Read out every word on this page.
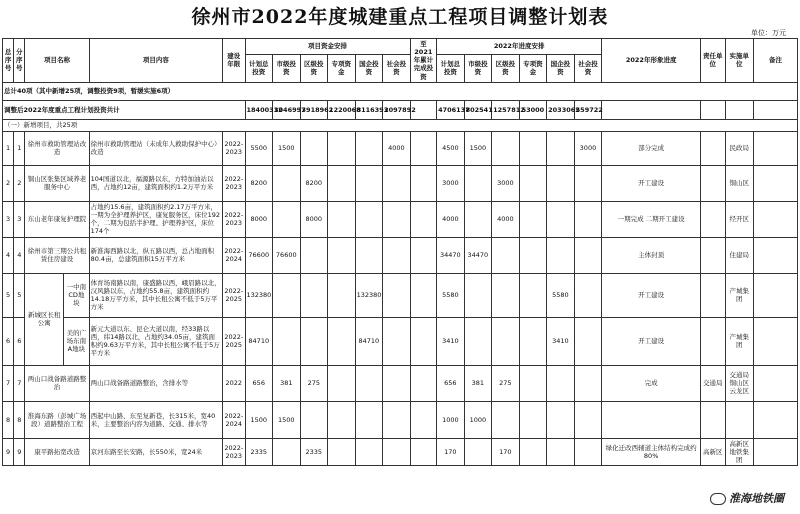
徐州市2022年度城建重点工程项目调整计划表
单位：万元
总序号	分序号	项目名称		项目内容	建设年限	项目资金安排						至2021年累计完成投资	2022年进度安排						2022年形象进度	责任单位	实施单位	备注
						计划总投资	市级投资	区级投资	专项资金	国企投资	社会投资		计划总投资	市级投资	区级投资	专项资金	国企投资	社会投资				
总计40项（其中新增25项，调整投资9项，暂缓实施6项）																						
调整后2022年度重点工程计划投资共计						18400312	3046997	3918962	1220068	8116393	2097892		4706137	802541	1257812	53000	2033062	559722				
（一）新增项目，共25项																						
1	1	徐州市救助管理站改造		徐州市救助管理站（未成年人救助保护中心）改造	2022-2023	5500	1500				4000		4500	1500				3000	部分完成		民政局	
2	2	铜山区张集区域养老服务中心		104国道以北，福源路以东，方特加油站以西，占地约12亩，建筑面积约1.2万平方米	2022-2023	8200		8200					3000		3000				开工建设		铜山区	
3	3	东山老年康复护理院		占地约15.6亩，建筑面积约2.17万平方米，一期为全护理养护区，康复服务区，床位192个，二期为包括半护理、护理养护区，床位174个	2022-2023	8000		8000					4000		4000				一期完成 二期开工建设		经开区	
4	4	徐州市第三期公共租赁住房建设		新淮海西路以北，纵五路以西，总占地面积80.4亩，总建筑面积15万平方米	2022-2024	76600	76600						34470	34470					主体封顶		住建局	
5	5	新城区长租公寓	一中南CD地块	体育场南路以南，康盛路以西，峨眉路以北，汉风路以东，占地约55.8亩，建筑面积约14.18万平方米，其中长租公寓不低于5万平方米	2022-2025	132380				132380			5580				5580		开工建设		产城集团	
6	6		美的广场东南A地块	新元大道以东、昆仑大道以南，经33路以西，纬14路以北，占地约34.05亩，建筑面积约9.63万平方米，其中长租公寓不低于5万平方米	2022-2025	84710				84710			3410				3410		开工建设		产城集团	
7	7	两山口战备路道路整治		两山口战备路道路整治，含排水等	2022	656	381	275					656	381	275				完成	交通局	交通局 铜山区 云龙区	
8	8	淮海东路（彭城广场段）道路整治工程		西起中山路、东至复新巷，长315米，宽40米，主要整治内容为道路、交通、排水等	2022-2024	1500	1500						1000	1000								
9	9	康平路拓宽改造		京河东路至长安路，长550米，宽24米	2022-2023	2335		2335					170		170				绿化迁改西辅道主体结构完成约80%	高新区	高新区 地铁集团	
淮海地铁圈
